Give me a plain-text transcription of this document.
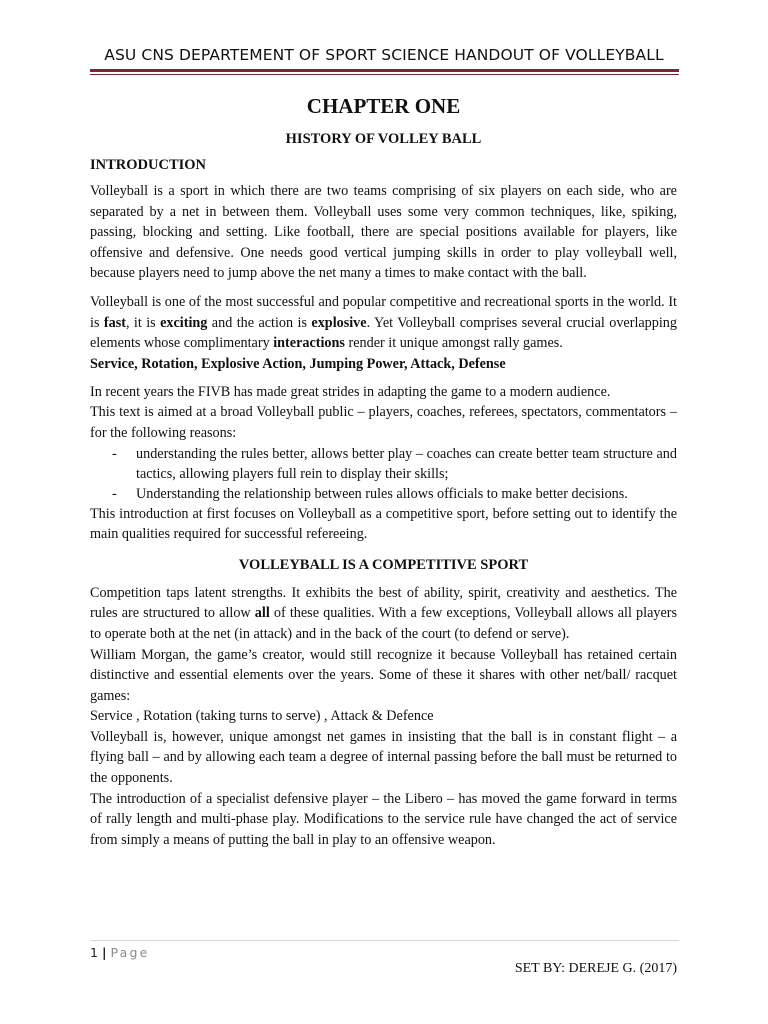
ASU CNS DEPARTEMENT OF SPORT SCIENCE HANDOUT OF VOLLEYBALL
CHAPTER ONE
HISTORY OF VOLLEY BALL
INTRODUCTION

Volleyball is a sport in which there are two teams comprising of six players on each side, who are separated by a net in between them. Volleyball uses some very common techniques, like, spiking, passing, blocking and setting. Like football, there are special positions available for players, like offensive and defensive. One needs good vertical jumping skills in order to play volleyball well, because players need to jump above the net many a times to make contact with the ball.

Volleyball is one of the most successful and popular competitive and recreational sports in the world. It is fast, it is exciting and the action is explosive. Yet Volleyball comprises several crucial overlapping elements whose complimentary interactions render it unique amongst rally games.

Service, Rotation, Explosive Action, Jumping Power, Attack, Defense

In recent years the FIVB has made great strides in adapting the game to a modern audience.

This text is aimed at a broad Volleyball public – players, coaches, referees, spectators, commentators – for the following reasons:

- understanding the rules better, allows better play – coaches can create better team structure and tactics, allowing players full rein to display their skills;
- Understanding the relationship between rules allows officials to make better decisions.

This introduction at first focuses on Volleyball as a competitive sport, before setting out to identify the main qualities required for successful refereeing.

VOLLEYBALL IS A COMPETITIVE SPORT

Competition taps latent strengths. It exhibits the best of ability, spirit, creativity and aesthetics. The rules are structured to allow all of these qualities. With a few exceptions, Volleyball allows all players to operate both at the net (in attack) and in the back of the court (to defend or serve).

William Morgan, the game’s creator, would still recognize it because Volleyball has retained certain distinctive and essential elements over the years. Some of these it shares with other net/ball/ racquet games:

Service , Rotation (taking turns to serve) , Attack & Defence

Volleyball is, however, unique amongst net games in insisting that the ball is in constant flight – a flying ball – and by allowing each team a degree of internal passing before the ball must be returned to the opponents.

The introduction of a specialist defensive player – the Libero – has moved the game forward in terms of rally length and multi-phase play. Modifications to the service rule have changed the act of service from simply a means of putting the ball in play to an offensive weapon.

1 | Page
SET BY: DEREJE G. (2017)
